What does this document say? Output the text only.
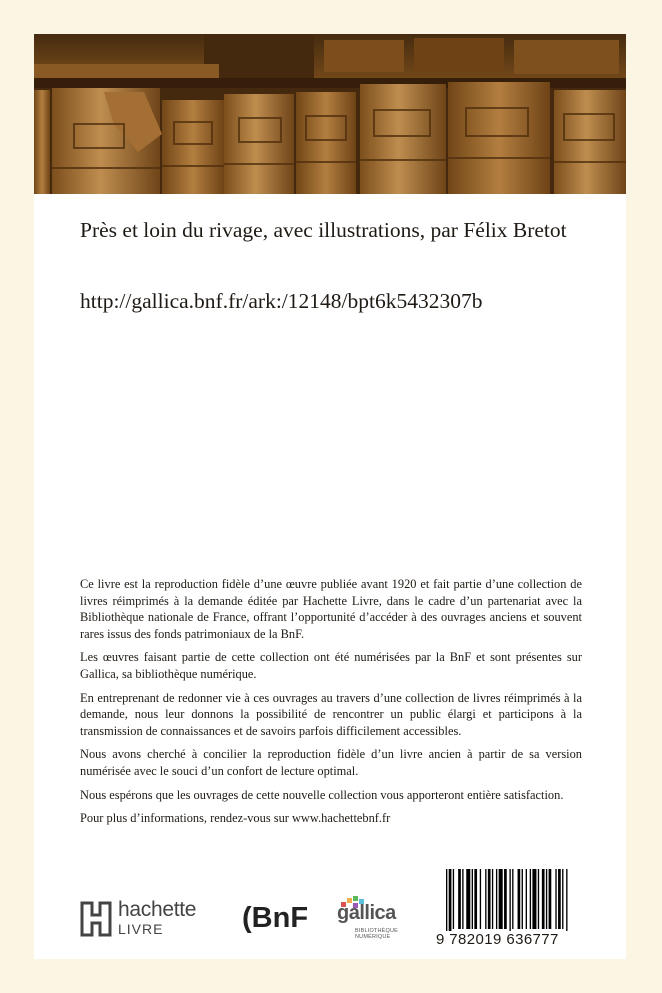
Près et loin du rivage, avec illustrations, par Félix Bretot
http://gallica.bnf.fr/ark:/12148/bpt6k5432307b

Ce livre est la reproduction fidèle d’une œuvre publiée avant 1920 et fait partie d’une collection de livres réimprimés à la demande éditée par Hachette Livre, dans le cadre d’un partenariat avec la Bibliothèque nationale de France, offrant l’opportunité d’accéder à des ouvrages anciens et souvent rares issus des fonds patrimoniaux de la BnF.

Les œuvres faisant partie de cette collection ont été numérisées par la BnF et sont présentes sur Gallica, sa bibliothèque numérique.

En entreprenant de redonner vie à ces ouvrages au travers d’une collection de livres réimprimés à la demande, nous leur donnons la possibilité de rencontrer un public élargi et participons à la transmission de connaissances et de savoirs parfois difficilement accessibles.

Nous avons cherché à concilier la reproduction fidèle d’un livre ancien à partir de sa version numérisée avec le souci d’un confort de lecture optimal.

Nous espérons que les ouvrages de cette nouvelle collection vous apporteront entière satisfaction.

Pour plus d’informations, rendez-vous sur www.hachettebnf.fr

hachette
LIVRE	(BnF gallica
BIBLIOTHÈQUE
NUMÉRIQUE	9 782019 636777
